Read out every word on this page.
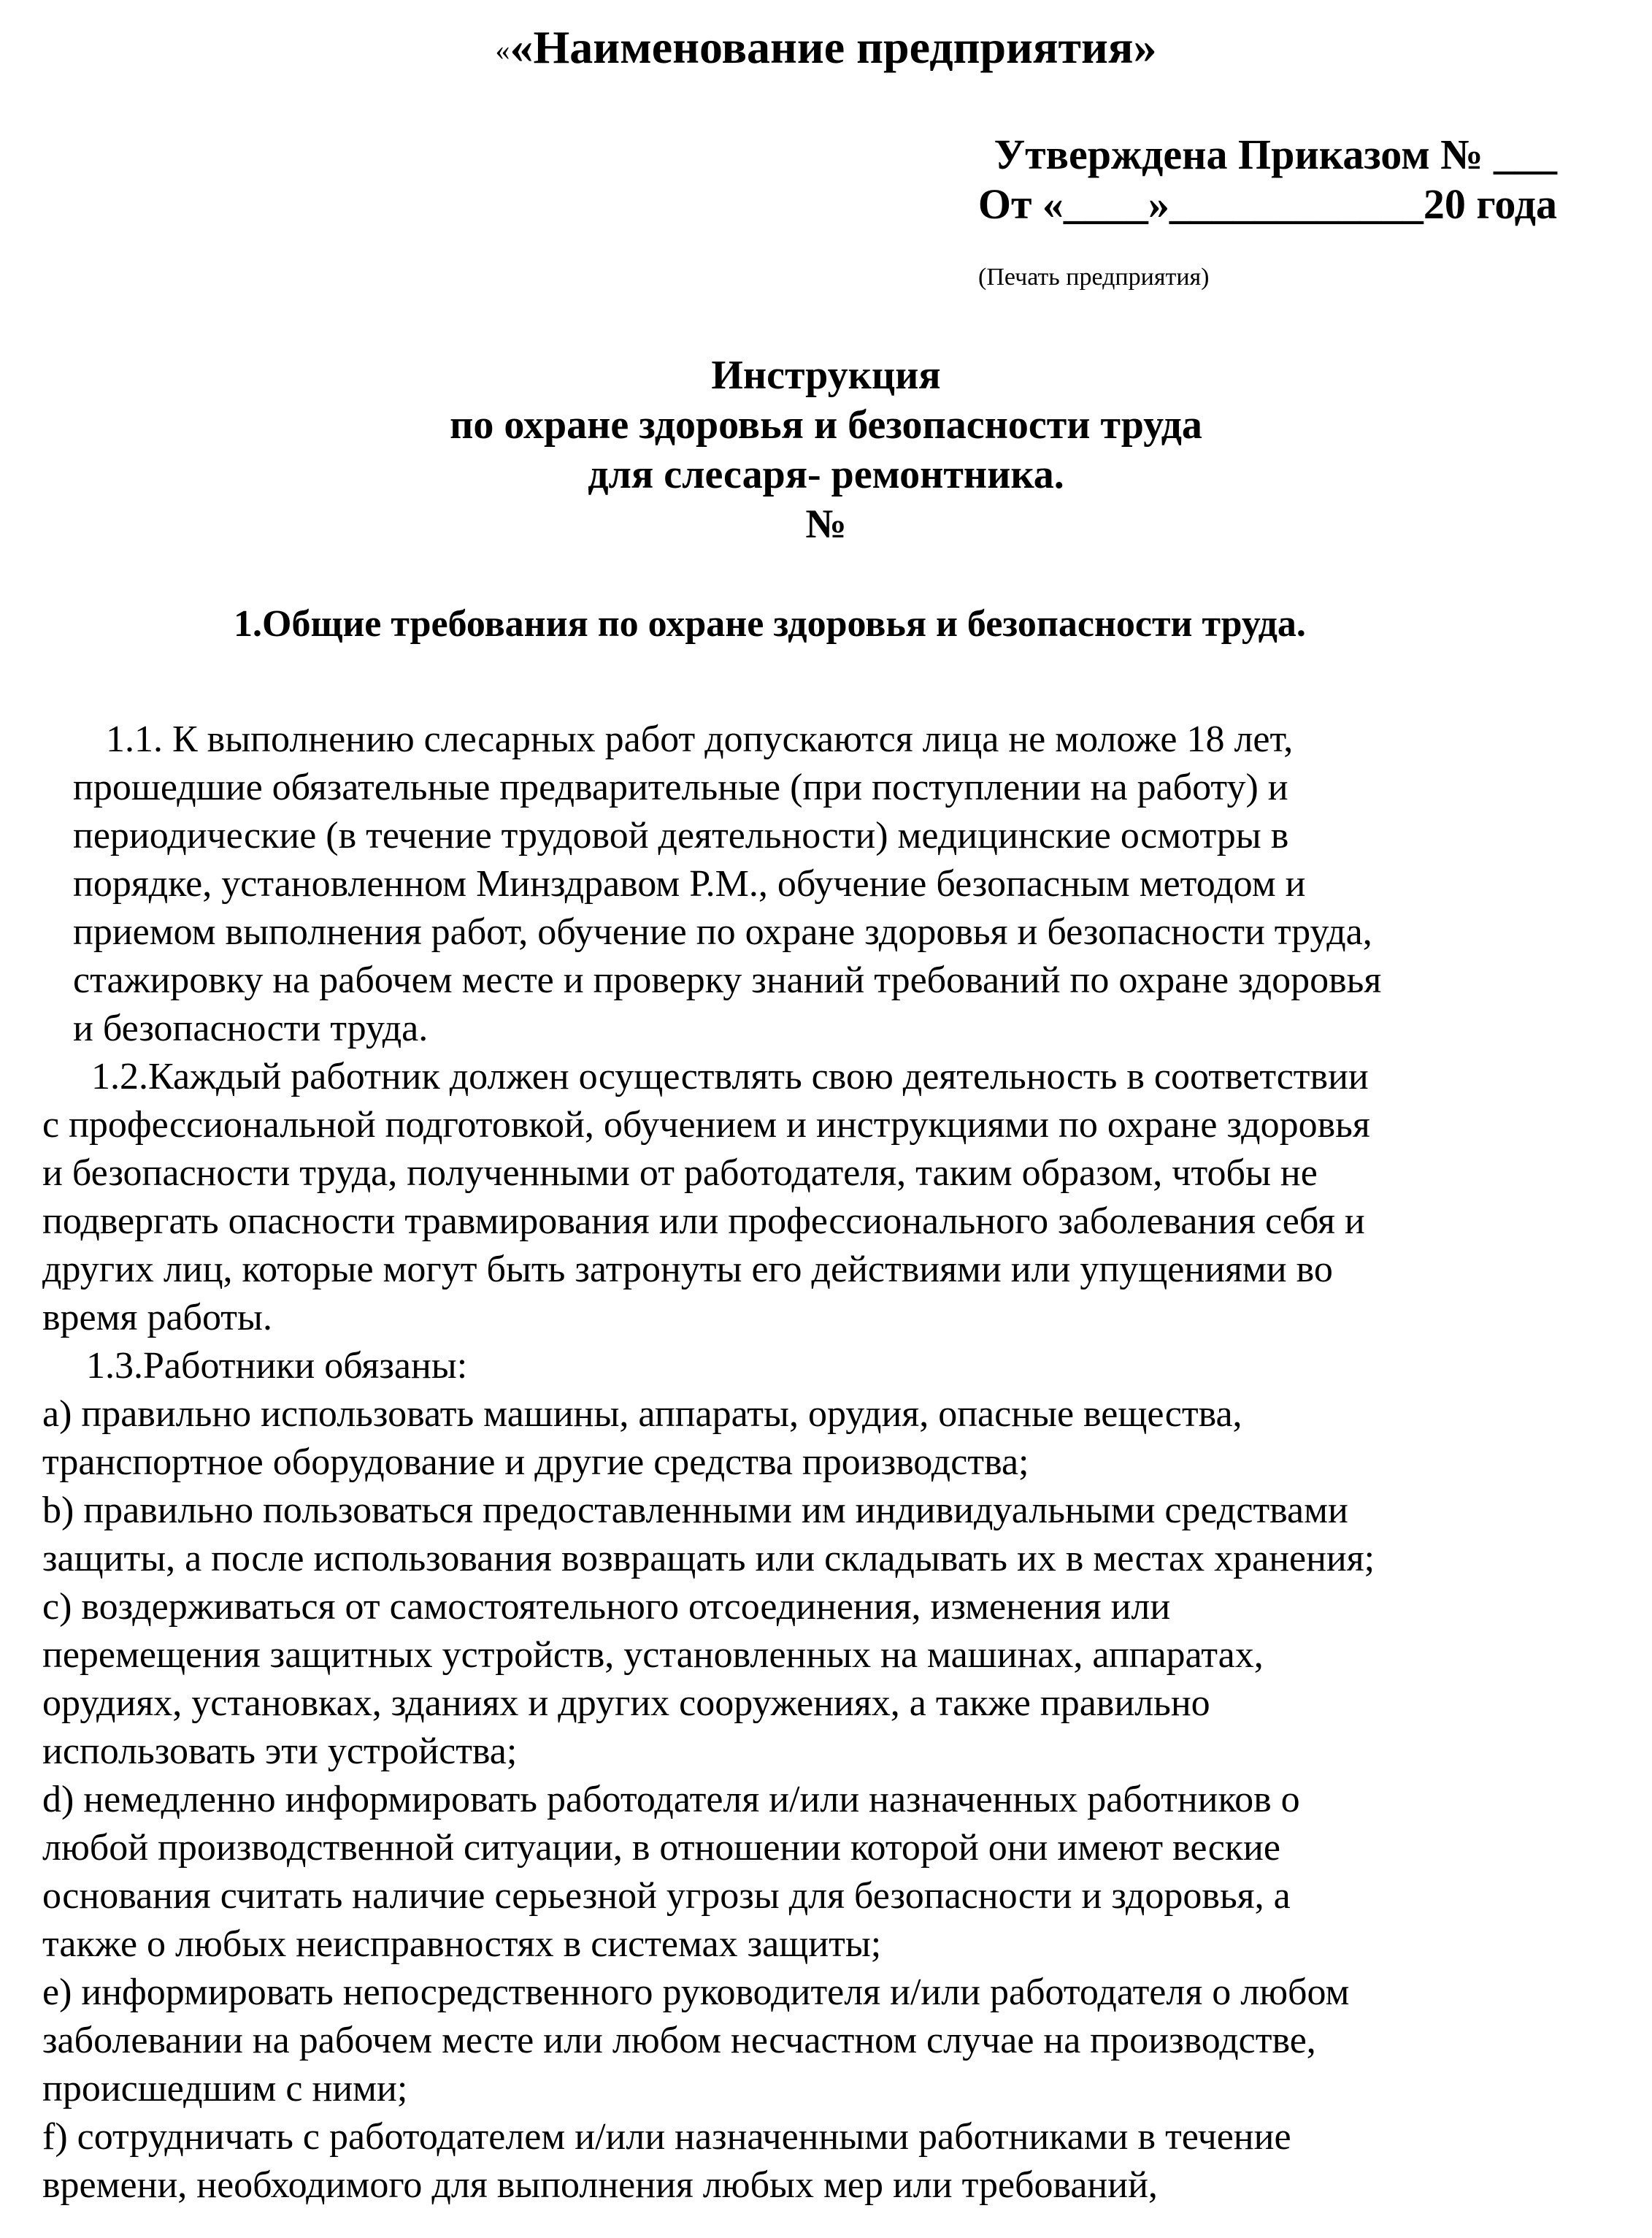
««Наименование предприятия»
Утверждена Приказом № ___
От «____»____________20 года
(Печать предприятия)
Инструкция
по охране здоровья и безопасности труда
для слесаря- ремонтника.
№
1.Общие требования по охране здоровья и безопасности труда.
1.1. К выполнению слесарных работ допускаются лица не моложе 18 лет,
прошедшие обязательные предварительные (при поступлении на работу) и
периодические (в течение трудовой деятельности) медицинские осмотры в
порядке, установленном Минздравом Р.М., обучение безопасным методом и
приемом выполнения работ, обучение по охране здоровья и безопасности труда,
стажировку на рабочем месте и проверку знаний требований по охране здоровья
и безопасности труда.
1.2.Каждый работник должен осуществлять свою деятельность в соответствии
с профессиональной подготовкой, обучением и инструкциями по охране здоровья
и безопасности труда, полученными от работодателя, таким образом, чтобы не
подвергать опасности травмирования или профессионального заболевания себя и
других лиц, которые могут быть затронуты его действиями или упущениями во
время работы.
1.3.Работники обязаны:
a) правильно использовать машины, аппараты, орудия, опасные вещества,
транспортное оборудование и другие средства производства;
b) правильно пользоваться предоставленными им индивидуальными средствами
защиты, а после использования возвращать или складывать их в местах хранения;
c) воздерживаться от самостоятельного отсоединения, изменения или
перемещения защитных устройств, установленных на машинах, аппаратах,
орудиях, установках, зданиях и других сооружениях, а также правильно
использовать эти устройства;
d) немедленно информировать работодателя и/или назначенных работников о
любой производственной ситуации, в отношении которой они имеют веские
основания считать наличие серьезной угрозы для безопасности и здоровья, а
также о любых неисправностях в системах защиты;
e) информировать непосредственного руководителя и/или работодателя о любом
заболевании на рабочем месте или любом несчастном случае на производстве,
происшедшим с ними;
f) сотрудничать с работодателем и/или назначенными работниками в течение
времени, необходимого для выполнения любых мер или требований,
